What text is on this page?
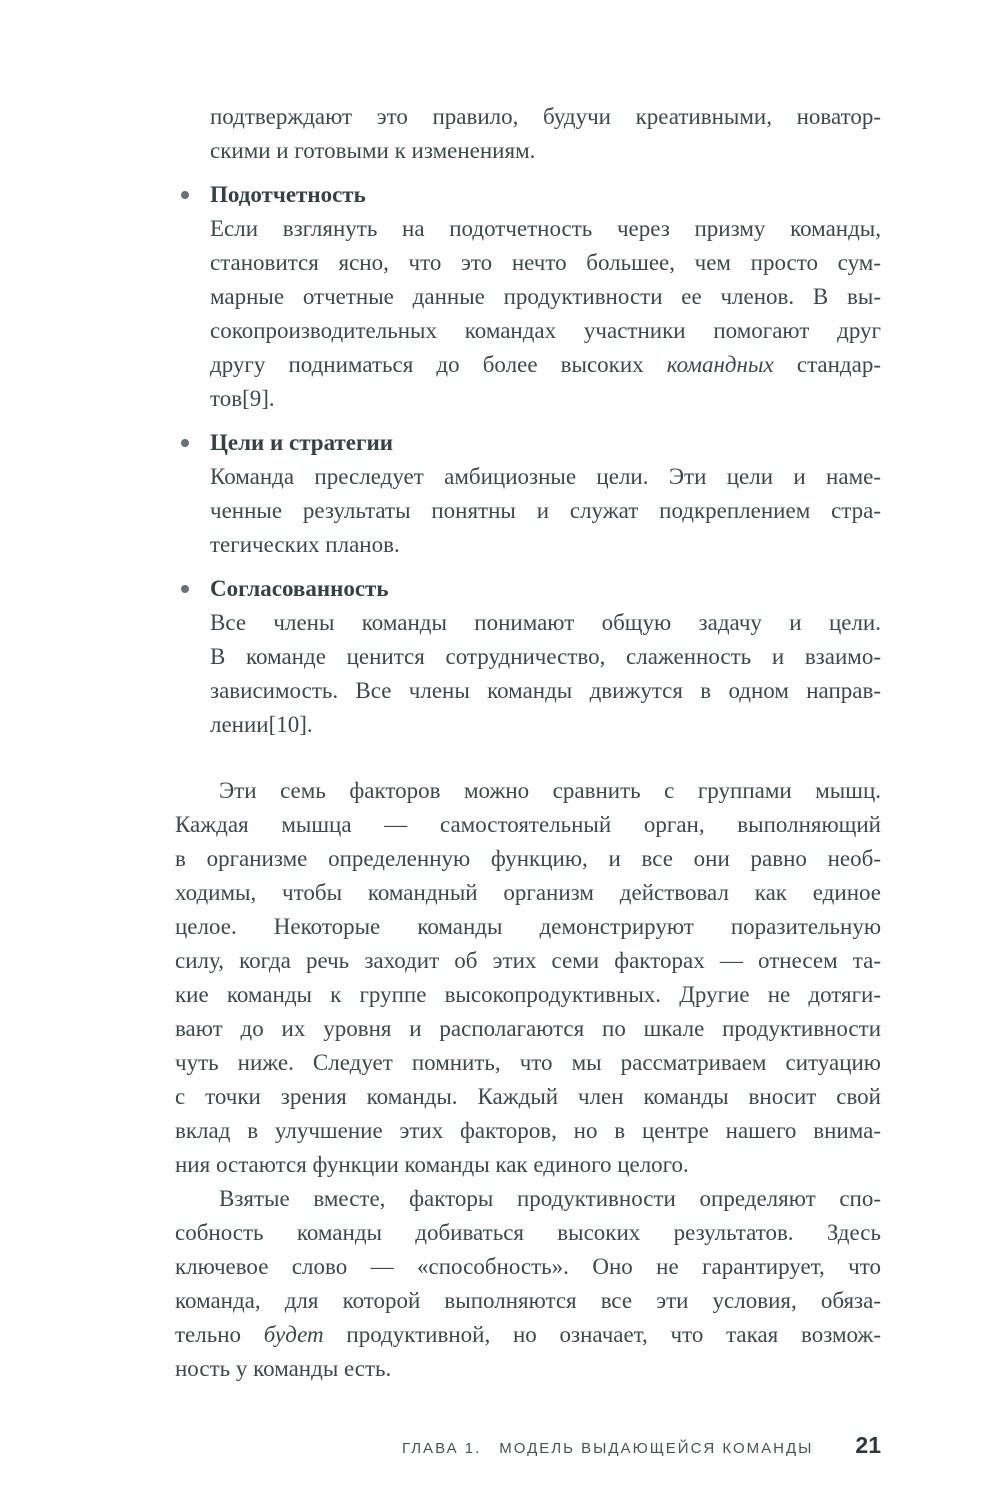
подтверждают это правило, будучи креативными, новатор-
скими и готовыми к изменениям.
Подотчетность
Если взглянуть на подотчетность через призму команды,
становится ясно, что это нечто большее, чем просто сум-
марные отчетные данные продуктивности ее членов. В вы-
сокопроизводительных командах участники помогают друг
другу подниматься до более высоких командных стандар-
тов[9].
Цели и стратегии
Команда преследует амбициозные цели. Эти цели и наме-
ченные результаты понятны и служат подкреплением стра-
тегических планов.
Согласованность
Все члены команды понимают общую задачу и цели.
В команде ценится сотрудничество, слаженность и взаимо-
зависимость. Все члены команды движутся в одном направ-
лении[10].
Эти семь факторов можно сравнить с группами мышц.
Каждая мышца — самостоятельный орган, выполняющий
в организме определенную функцию, и все они равно необ-
ходимы, чтобы командный организм действовал как единое
целое. Некоторые команды демонстрируют поразительную
силу, когда речь заходит об этих семи факторах — отнесем та-
кие команды к группе высокопродуктивных. Другие не дотяги-
вают до их уровня и располагаются по шкале продуктивности
чуть ниже. Следует помнить, что мы рассматриваем ситуацию
с точки зрения команды. Каждый член команды вносит свой
вклад в улучшение этих факторов, но в центре нашего внима-
ния остаются функции команды как единого целого.
Взятые вместе, факторы продуктивности определяют спо-
собность команды добиваться высоких результатов. Здесь
ключевое слово — «способность». Оно не гарантирует, что
команда, для которой выполняются все эти условия, обяза-
тельно будет продуктивной, но означает, что такая возмож-
ность у команды есть.
ГЛАВА 1. МОДЕЛЬ ВЫДАЮЩЕЙСЯ КОМАНДЫ 21
